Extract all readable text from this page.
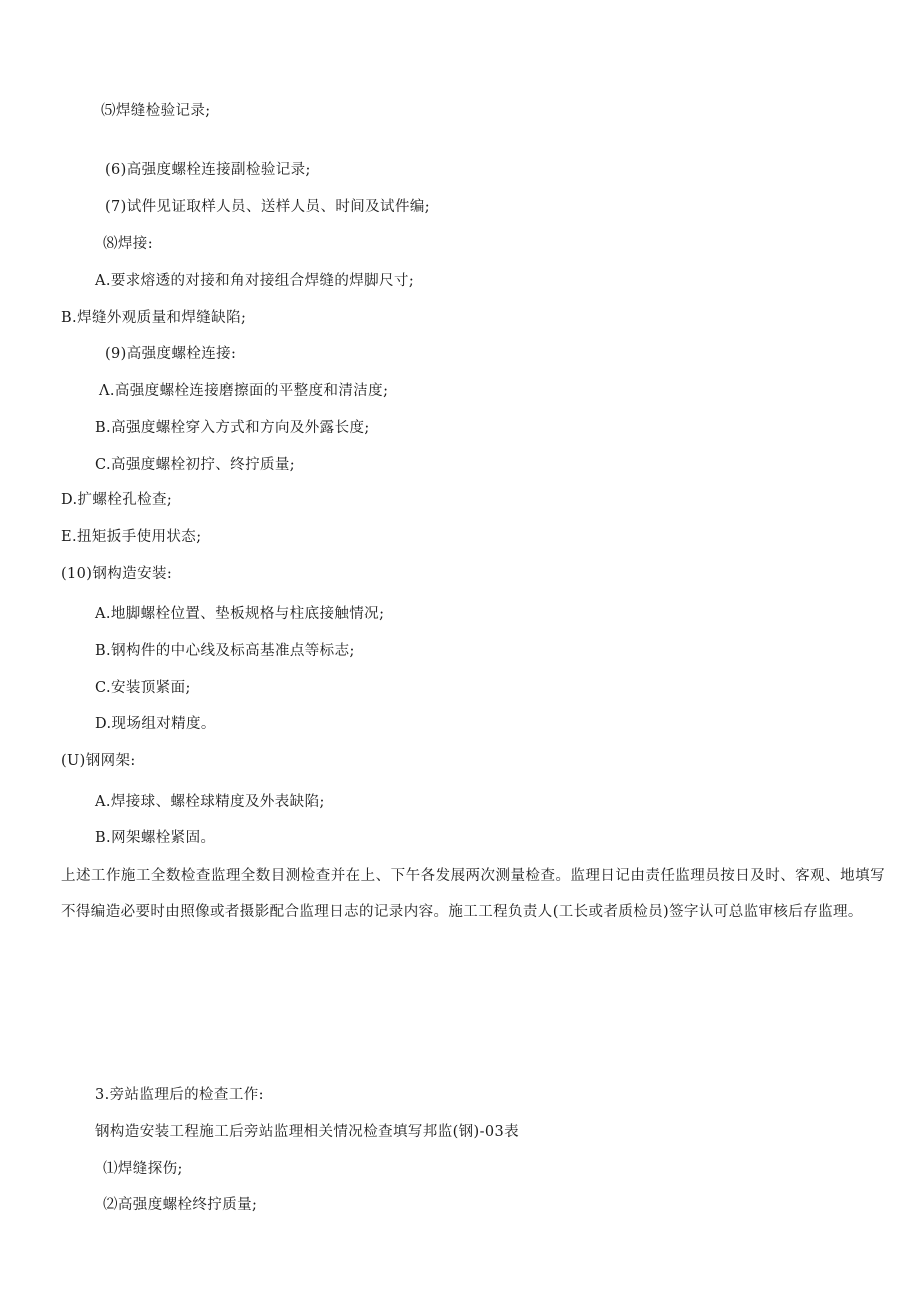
⑸焊缝检验记录;
(6)高强度螺栓连接副检验记录;
(7)试件见证取样人员、送样人员、时间及试件编;
⑻焊接:
A.要求熔透的对接和角对接组合焊缝的焊脚尺寸;
B.焊缝外观质量和焊缝缺陷;
(9)高强度螺栓连接:
Λ.高强度螺栓连接磨擦面的平整度和清洁度;
B.高强度螺栓穿入方式和方向及外露长度;
C.高强度螺栓初拧、终拧质量;
D.扩螺栓孔检查;
E.扭矩扳手使用状态;
(10)钢构造安装:
A.地脚螺栓位置、垫板规格与柱底接触情况;
B.钢构件的中心线及标高基准点等标志;
C.安装顶紧面;
D.现场组对精度。
(U)钢网架:
A.焊接球、螺栓球精度及外表缺陷;
B.网架螺栓紧固。
上述工作施工全数检查监理全数目测检查并在上、下午各发展两次测量检查。监理日记由责任监理员按日及时、客观、地填写不得编造必要时由照像或者摄影配合监理日志的记录内容。施工工程负责人(工长或者质检员)签字认可总监审核后存监理。
3.旁站监理后的检查工作:
钢构造安装工程施工后旁站监理相关情况检查填写邦监(钢)-03表
⑴焊缝探伤;
⑵高强度螺栓终拧质量;
